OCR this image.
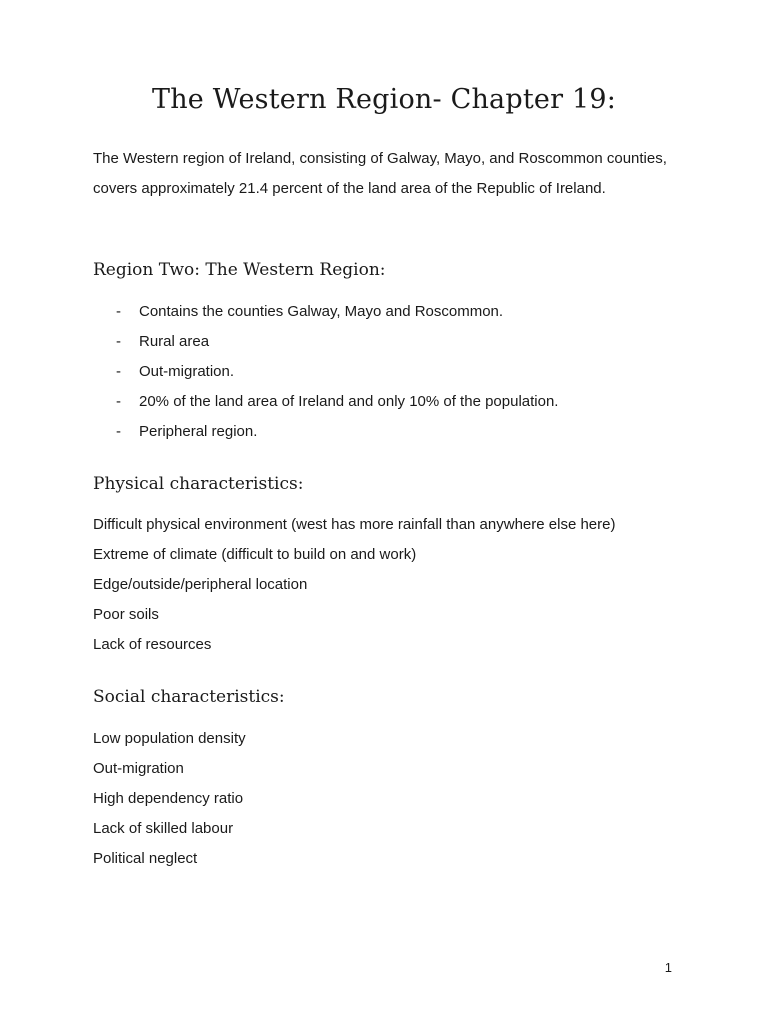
The Western Region- Chapter 19:

The Western region of Ireland, consisting of Galway, Mayo, and Roscommon counties, covers approximately 21.4 percent of the land area of the Republic of Ireland.

Region Two: The Western Region:
- Contains the counties Galway, Mayo and Roscommon.
- Rural area
- Out-migration.
- 20% of the land area of Ireland and only 10% of the population.
- Peripheral region.
Physical characteristics:
Difficult physical environment (west has more rainfall than anywhere else here)
Extreme of climate (difficult to build on and work)
Edge/outside/peripheral location
Poor soils
Lack of resources
Social characteristics:
Low population density
Out-migration
High dependency ratio
Lack of skilled labour
Political neglect
1
